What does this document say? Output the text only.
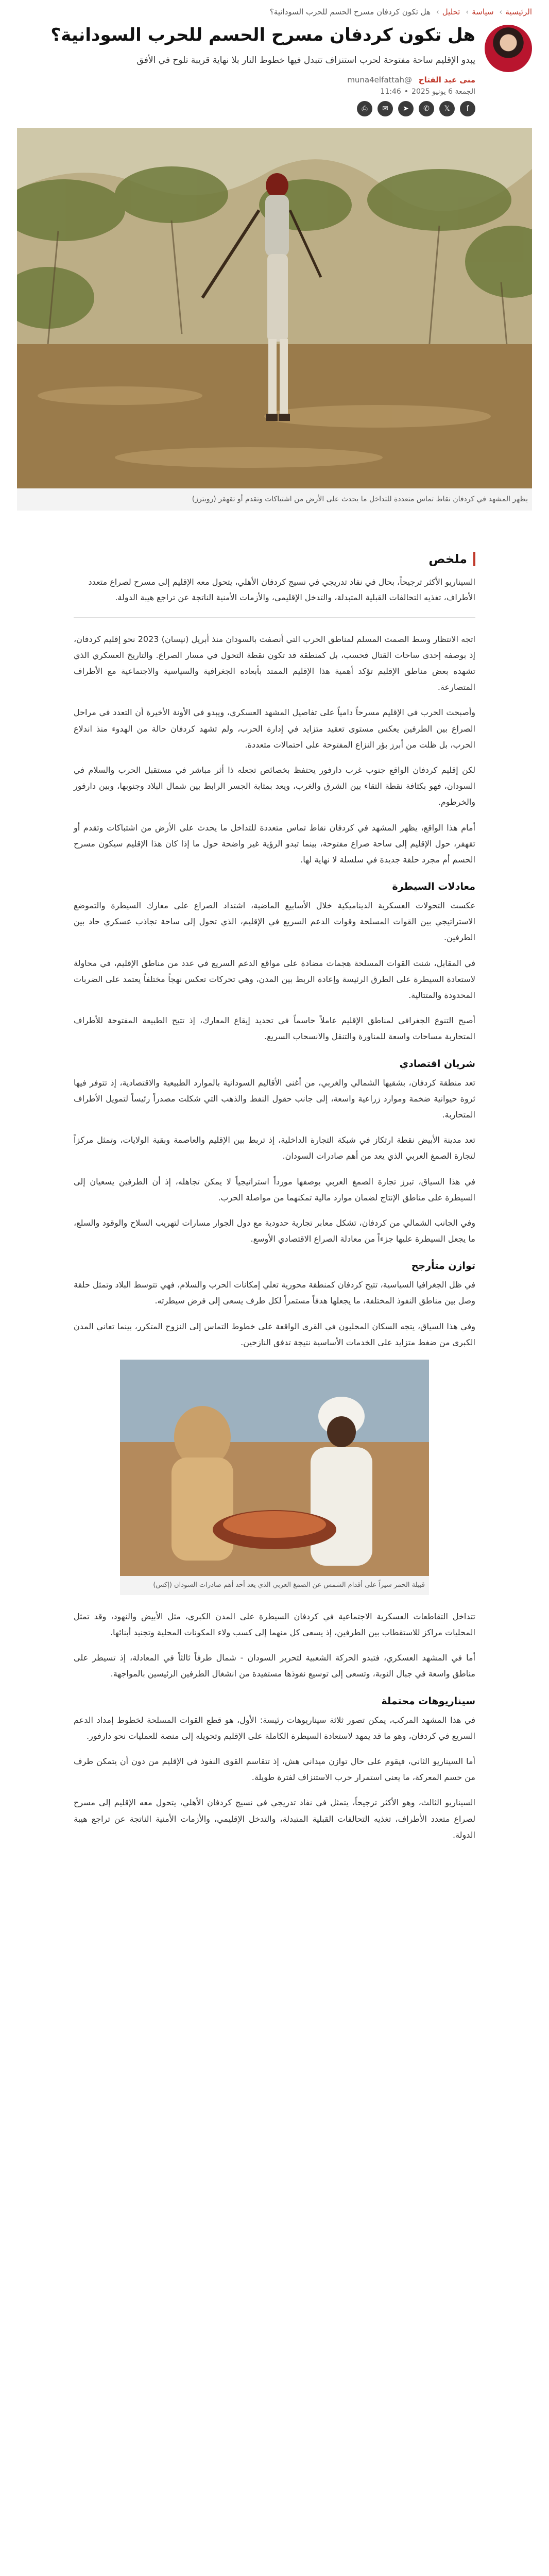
الرئيسية› سياسة› تحليل› هل تكون كردفان مسرح الحسم للحرب السودانية؟
هل تكون كردفان مسرح الحسم للحرب السودانية؟

يبدو الإقليم ساحة مفتوحة لحرب استنزاف تتبدل فيها خطوط النار بلا نهاية قريبة تلوح في الأفق

منى عبد الفتاح @muna4elfattah
الجمعة 6 يونيو 2025•11:46
f
𝕏
✆
➤
✉
⎙
يظهر المشهد في كردفان نقاط تماس متعددة للتداخل ما يحدث على الأرض من اشتباكات وتقدم أو تقهقر (رويترز)
ملخص

السيناريو الأكثر ترجيحاً، بحال في نفاد تدريجي في نسيج كردفان الأهلي، يتحول معه الإقليم إلى مسرح لصراع متعدد الأطراف، تغذيه التحالفات القبلية المتبدلة، والتدخل الإقليمي، والأزمات الأمنية الناتجة عن تراجع هيبة الدولة.

اتجه الانتظار وسط الصمت المسلم لمناطق الحرب التي أنصفت بالسودان منذ أبريل (نيسان) 2023 نحو إقليم كردفان، إذ بوصفه إحدى ساحات القتال فحسب، بل كمنطقة قد تكون نقطة التحول في مسار الصراع. والتاريخ العسكري الذي تشهده بعض مناطق الإقليم تؤكد أهمية هذا الإقليم الممتد بأبعاده الجغرافية والسياسية والاجتماعية مع الأطراف المتصارعة.

وأصبحت الحرب في الإقليم مسرحاً دامياً على تفاصيل المشهد العسكري، ويبدو في الأونة الأخيرة أن التعدد في مراحل الصراع بين الطرفين يعكس مستوى تعقيد متزايد في إدارة الحرب، ولم تشهد كردفان حالة من الهدوء منذ اندلاع الحرب، بل ظلت من أبرز بؤر النزاع المفتوحة على احتمالات متعددة.

لكن إقليم كردفان الواقع جنوب غرب دارفور يحتفظ بخصائص تجعله ذا أثر مباشر في مستقبل الحرب والسلام في السودان، فهو بكثافة نقطة التقاء بين الشرق والغرب، ويعد بمثابة الجسر الرابط بين شمال البلاد وجنوبها، وبين دارفور والخرطوم.

أمام هذا الواقع، يظهر المشهد في كردفان نقاط تماس متعددة للتداخل ما يحدث على الأرض من اشتباكات وتقدم أو تقهقر، حول الإقليم إلى ساحة صراع مفتوحة، بينما تبدو الرؤية غير واضحة حول ما إذا كان هذا الإقليم سيكون مسرح الحسم أم مجرد حلقة جديدة في سلسلة لا نهاية لها.

معادلات السيطرة

عكست التحولات العسكرية الديناميكية خلال الأسابيع الماضية، اشتداد الصراع على معارك السيطرة والتموضع الاستراتيجي بين القوات المسلحة وقوات الدعم السريع في الإقليم، الذي تحول إلى ساحة تجاذب عسكري حاد بين الطرفين.

في المقابل، شنت القوات المسلحة هجمات مضادة على مواقع الدعم السريع في عدد من مناطق الإقليم، في محاولة لاستعادة السيطرة على الطرق الرئيسة وإعادة الربط بين المدن، وهي تحركات تعكس نهجاً مختلفاً يعتمد على الضربات المحدودة والمتتالية.

أصبح التنوع الجغرافي لمناطق الإقليم عاملاً حاسماً في تحديد إيقاع المعارك، إذ تتيح الطبيعة المفتوحة للأطراف المتحاربة مساحات واسعة للمناورة والتنقل والانسحاب السريع.

شريان اقتصادي

تعد منطقة كردفان، بشقيها الشمالي والغربي، من أغنى الأقاليم السودانية بالموارد الطبيعية والاقتصادية، إذ تتوفر فيها ثروة حيوانية ضخمة وموارد زراعية واسعة، إلى جانب حقول النفط والذهب التي شكلت مصدراً رئيساً لتمويل الأطراف المتحاربة.

تعد مدينة الأبيض نقطة ارتكاز في شبكة التجارة الداخلية، إذ تربط بين الإقليم والعاصمة وبقية الولايات، وتمثل مركزاً لتجارة الصمغ العربي الذي يعد من أهم صادرات السودان.

في هذا السياق، تبرز تجارة الصمغ العربي بوصفها مورداً استراتيجياً لا يمكن تجاهله، إذ أن الطرفين يسعيان إلى السيطرة على مناطق الإنتاج لضمان موارد مالية تمكنهما من مواصلة الحرب.

وفي الجانب الشمالي من كردفان، تشكل معابر تجارية حدودية مع دول الجوار مسارات لتهريب السلاح والوقود والسلع، ما يجعل السيطرة عليها جزءاً من معادلة الصراع الاقتصادي الأوسع.

توازن متأرجح

في ظل الجغرافيا السياسية، تتيح كردفان كمنطقة محورية تعلي إمكانات الحرب والسلام، فهي تتوسط البلاد وتمثل حلقة وصل بين مناطق النفوذ المختلفة، ما يجعلها هدفاً مستمراً لكل طرف يسعى إلى فرض سيطرته.

وفي هذا السياق، يتجه السكان المحليون في القرى الواقعة على خطوط التماس إلى النزوح المتكرر، بينما تعاني المدن الكبرى من ضغط متزايد على الخدمات الأساسية نتيجة تدفق النازحين.

قبيلة الحمر سيراً على أقدام الشمس عن الصمغ العربي الذي يعد أحد أهم صادرات السودان (إكس)

تتداخل التقاطعات العسكرية الاجتماعية في كردفان السيطرة على المدن الكبرى، مثل الأبيض والنهود، وقد تمثل المحليات مراكز للاستقطاب بين الطرفين، إذ يسعى كل منهما إلى كسب ولاء المكونات المحلية وتجنيد أبنائها.

أما في المشهد العسكري، فتبدو الحركة الشعبية لتحرير السودان - شمال طرفاً ثالثاً في المعادلة، إذ تسيطر على مناطق واسعة في جبال النوبة، وتسعى إلى توسيع نفوذها مستفيدة من انشغال الطرفين الرئيسين بالمواجهة.

سيناريوهات محتملة

في هذا المشهد المركب، يمكن تصور ثلاثة سيناريوهات رئيسة: الأول، هو قطع القوات المسلحة لخطوط إمداد الدعم السريع في كردفان، وهو ما قد يمهد لاستعادة السيطرة الكاملة على الإقليم وتحويله إلى منصة للعمليات نحو دارفور.

أما السيناريو الثاني، فيقوم على حال توازن ميداني هش، إذ تتقاسم القوى النفوذ في الإقليم من دون أن يتمكن طرف من حسم المعركة، ما يعني استمرار حرب الاستنزاف لفترة طويلة.

السيناريو الثالث، وهو الأكثر ترجيحاً، يتمثل في نفاد تدريجي في نسيج كردفان الأهلي، يتحول معه الإقليم إلى مسرح لصراع متعدد الأطراف، تغذيه التحالفات القبلية المتبدلة، والتدخل الإقليمي، والأزمات الأمنية الناتجة عن تراجع هيبة الدولة.
